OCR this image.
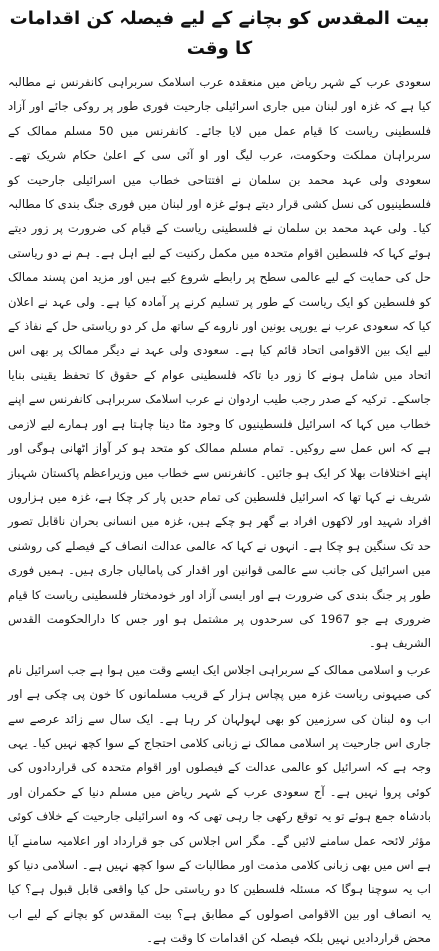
بیت المقدس کو بچانے کے لیے فیصلہ کن اقدامات کا وقت

سعودی عرب کے شہر ریاض میں منعقدہ عرب اسلامک سربراہی کانفرنس نے مطالبہ کیا ہے کہ غزہ اور لبنان میں جاری اسرائیلی جارحیت فوری طور پر روکی جائے اور آزاد فلسطینی ریاست کا قیام عمل میں لایا جائے۔ کانفرنس میں 50 مسلم ممالک کے سربراہان مملکت وحکومت، عرب لیگ اور او آئی سی کے اعلیٰ حکام شریک تھے۔ سعودی ولی عہد محمد بن سلمان نے افتتاحی خطاب میں اسرائیلی جارحیت کو فلسطینیوں کی نسل کشی قرار دیتے ہوئے غزہ اور لبنان میں فوری جنگ بندی کا مطالبہ کیا۔ ولی عہد محمد بن سلمان نے فلسطینی ریاست کے قیام کی ضرورت پر زور دیتے ہوئے کہا کہ فلسطین اقوام متحدہ میں مکمل رکنیت کے لیے اہل ہے۔ ہم نے دو ریاستی حل کی حمایت کے لیے عالمی سطح پر رابطے شروع کیے ہیں اور مزید امن پسند ممالک کو فلسطین کو ایک ریاست کے طور پر تسلیم کرنے پر آمادہ کیا ہے۔ ولی عہد نے اعلان کیا کہ سعودی عرب نے یورپی یونین اور ناروے کے ساتھ مل کر دو ریاستی حل کے نفاذ کے لیے ایک بین الاقوامی اتحاد قائم کیا ہے۔ سعودی ولی عہد نے دیگر ممالک پر بھی اس اتحاد میں شامل ہونے کا زور دیا تاکہ فلسطینی عوام کے حقوق کا تحفظ یقینی بنایا جاسکے۔ ترکیہ کے صدر رجب طیب اردوان نے عرب اسلامک سربراہی کانفرنس سے اپنے خطاب میں کہا کہ اسرائیل فلسطینیوں کا وجود مٹا دینا چاہتا ہے اور ہمارے لیے لازمی ہے کہ اس عمل سے روکیں۔ تمام مسلم ممالک کو متحد ہو کر آواز اٹھانی ہوگی اور اپنے اختلافات بھلا کر ایک ہو جائیں۔ کانفرنس سے خطاب میں وزیراعظم پاکستان شہباز شریف نے کہا تھا کہ اسرائیل فلسطین کی تمام حدیں پار کر چکا ہے، غزہ میں ہزاروں افراد شہید اور لاکھوں افراد بے گھر ہو چکے ہیں، غزہ میں انسانی بحران ناقابل تصور حد تک سنگین ہو چکا ہے۔ انہوں نے کہا کہ عالمی عدالت انصاف کے فیصلے کی روشنی میں اسرائیل کی جانب سے عالمی قوانین اور اقدار کی پامالیاں جاری ہیں۔ ہمیں فوری طور پر جنگ بندی کی ضرورت ہے اور ایسی آزاد اور خودمختار فلسطینی ریاست کا قیام ضروری ہے جو 1967 کی سرحدوں پر مشتمل ہو اور جس کا دارالحکومت القدس الشریف ہو۔

عرب و اسلامی ممالک کے سربراہی اجلاس ایک ایسے وقت میں ہوا ہے جب اسرائیل نام کی صیہونی ریاست غزہ میں پچاس ہزار کے قریب مسلمانوں کا خون پی چکی ہے اور اب وہ لبنان کی سرزمین کو بھی لہولہان کر رہا ہے۔ ایک سال سے زائد عرصے سے جاری اس جارحیت پر اسلامی ممالک نے زبانی کلامی احتجاج کے سوا کچھ نہیں کیا۔ یہی وجہ ہے کہ اسرائیل کو عالمی عدالت کے فیصلوں اور اقوام متحدہ کی قراردادوں کی کوئی پروا نہیں ہے۔ آج سعودی عرب کے شہر ریاض میں مسلم دنیا کے حکمران اور بادشاہ جمع ہوئے تو یہ توقع رکھی جا رہی تھی کہ وہ اسرائیلی جارحیت کے خلاف کوئی مؤثر لائحہ عمل سامنے لائیں گے۔ مگر اس اجلاس کی جو قرارداد اور اعلامیہ سامنے آیا ہے اس میں بھی زبانی کلامی مذمت اور مطالبات کے سوا کچھ نہیں ہے۔ اسلامی دنیا کو اب یہ سوچنا ہوگا کہ مسئلہ فلسطین کا دو ریاستی حل کیا واقعی قابل قبول ہے؟ کیا یہ انصاف اور بین الاقوامی اصولوں کے مطابق ہے؟ بیت المقدس کو بچانے کے لیے اب محض قراردادیں نہیں بلکہ فیصلہ کن اقدامات کا وقت ہے۔
